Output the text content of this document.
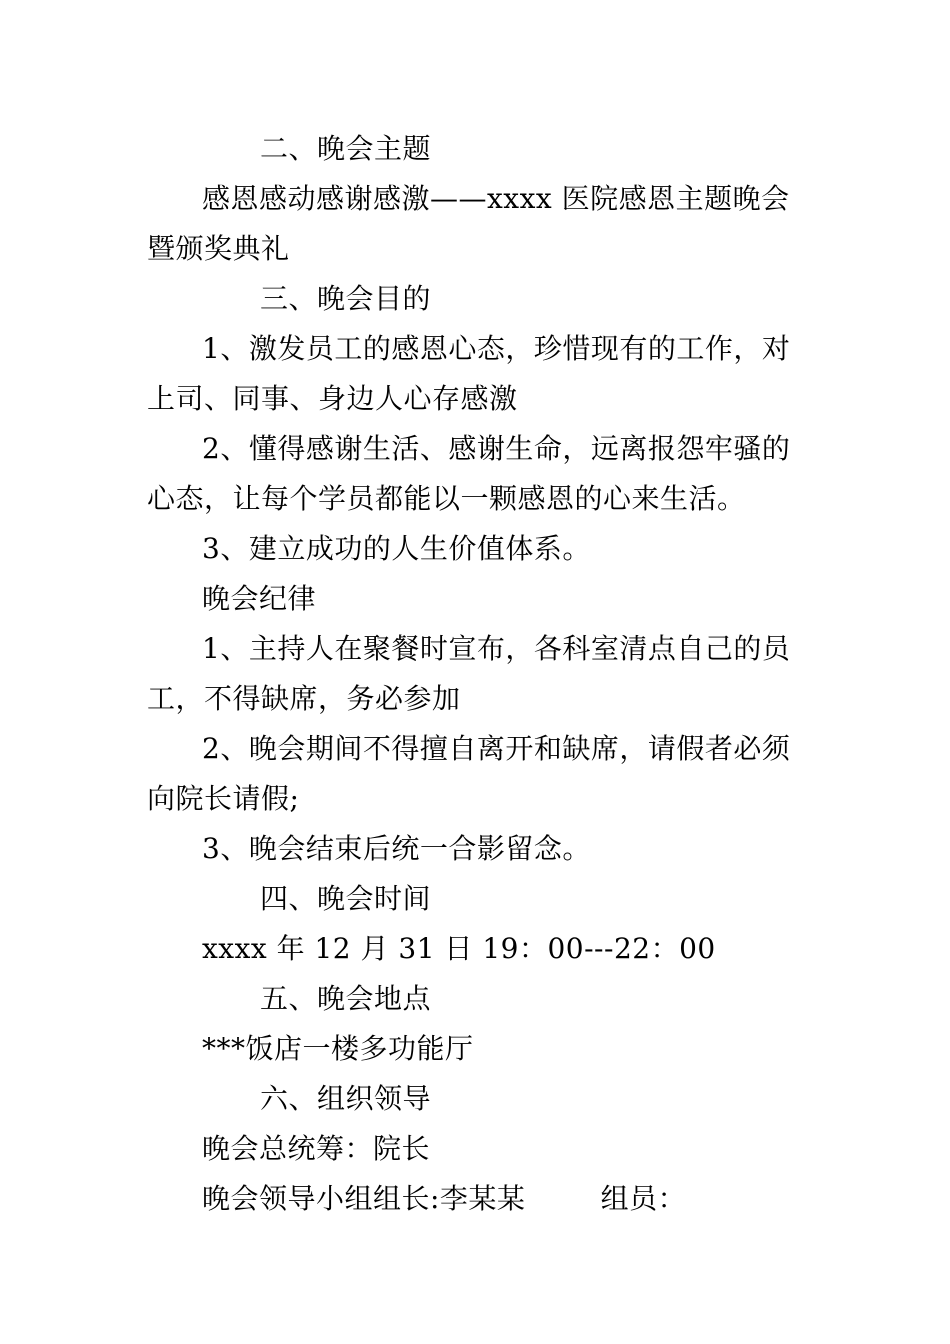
二、晚会主题
感恩感动感谢感激——xxxx 医院感恩主题晚会
暨颁奖典礼
三、晚会目的
1、激发员工的感恩心态，珍惜现有的工作，对
上司、同事、身边人心存感激
2、懂得感谢生活、感谢生命，远离报怨牢骚的
心态，让每个学员都能以一颗感恩的心来生活。
3、建立成功的人生价值体系。
晚会纪律
1、主持人在聚餐时宣布，各科室清点自己的员
工，不得缺席，务必参加
2、晚会期间不得擅自离开和缺席，请假者必须
向院长请假;
3、晚会结束后统一合影留念。
四、晚会时间
xxxx 年 12 月 31 日 19：00---22：00
五、晚会地点
***饭店一楼多功能厅
六、组织领导
晚会总统筹：院长
晚会领导小组组长:李某某        组员：
